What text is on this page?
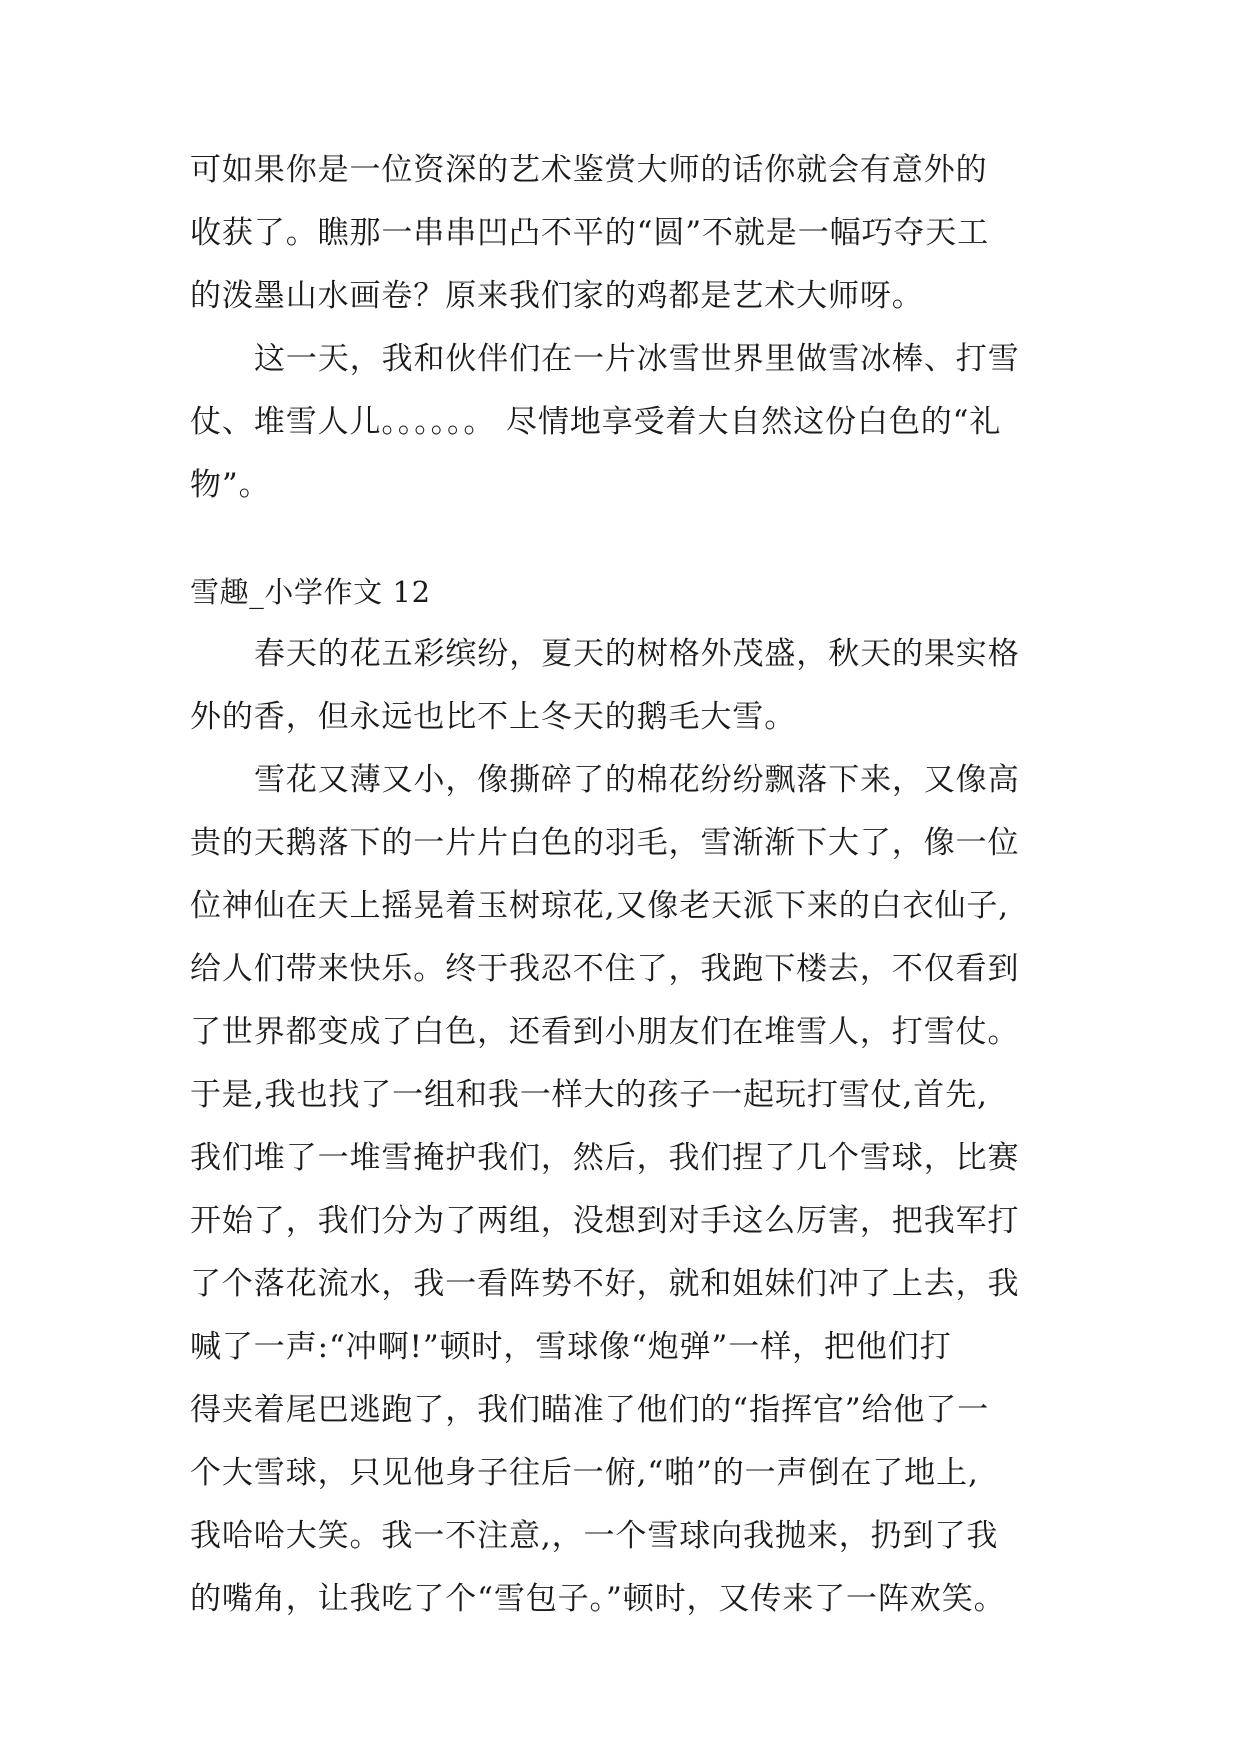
可如果你是一位资深的艺术鉴赏大师的话你就会有意外的
收获了。瞧那一串串凹凸不平的“圆”不就是一幅巧夺天工
的泼墨山水画卷？原来我们家的鸡都是艺术大师呀。
这一天，我和伙伴们在一片冰雪世界里做雪冰棒、打雪
仗、堆雪人儿。。。。。。 尽情地享受着大自然这份白色的“礼
物”。
雪趣_小学作文 12
春天的花五彩缤纷，夏天的树格外茂盛，秋天的果实格
外的香，但永远也比不上冬天的鹅毛大雪。
雪花又薄又小，像撕碎了的棉花纷纷飘落下来，又像高
贵的天鹅落下的一片片白色的羽毛，雪渐渐下大了，像一位
位神仙在天上摇晃着玉树琼花,又像老天派下来的白衣仙子,
给人们带来快乐。终于我忍不住了，我跑下楼去，不仅看到
了世界都变成了白色，还看到小朋友们在堆雪人，打雪仗。
于是,我也找了一组和我一样大的孩子一起玩打雪仗,首先,
我们堆了一堆雪掩护我们，然后，我们捏了几个雪球，比赛
开始了，我们分为了两组，没想到对手这么厉害，把我军打
了个落花流水，我一看阵势不好，就和姐妹们冲了上去，我
喊了一声:“冲啊!”顿时，雪球像“炮弹”一样，把他们打
得夹着尾巴逃跑了，我们瞄准了他们的“指挥官”给他了一
个大雪球，只见他身子往后一俯,“啪”的一声倒在了地上,
我哈哈大笑。我一不注意,，一个雪球向我抛来，扔到了我
的嘴角，让我吃了个“雪包子。”顿时，又传来了一阵欢笑。
